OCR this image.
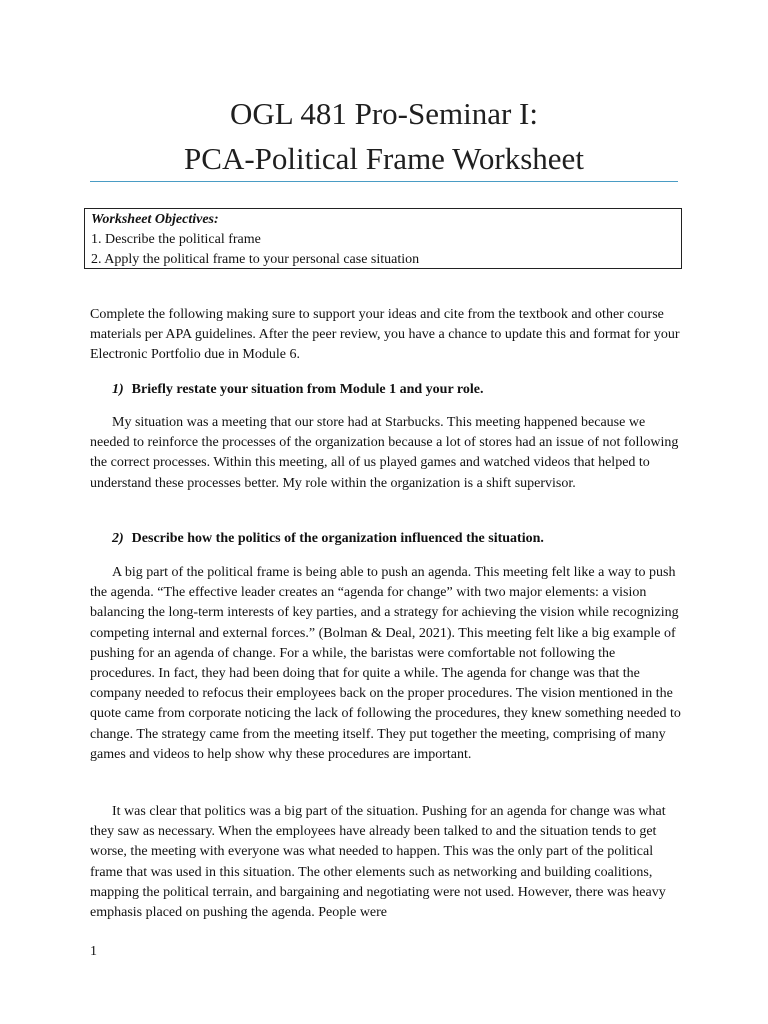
OGL 481 Pro-Seminar I:
PCA-Political Frame Worksheet
Worksheet Objectives:
1. Describe the political frame
2. Apply the political frame to your personal case situation

Complete the following making sure to support your ideas and cite from the textbook and other course materials per APA guidelines. After the peer review, you have a chance to update this and format for your Electronic Portfolio due in Module 6.

1) Briefly restate your situation from Module 1 and your role.

My situation was a meeting that our store had at Starbucks. This meeting happened because we needed to reinforce the processes of the organization because a lot of stores had an issue of not following the correct processes. Within this meeting, all of us played games and watched videos that helped to understand these processes better. My role within the organization is a shift supervisor.

2) Describe how the politics of the organization influenced the situation.

A big part of the political frame is being able to push an agenda. This meeting felt like a way to push the agenda. “The effective leader creates an “agenda for change” with two major elements: a vision balancing the long-term interests of key parties, and a strategy for achieving the vision while recognizing competing internal and external forces.” (Bolman & Deal, 2021). This meeting felt like a big example of pushing for an agenda of change. For a while, the baristas were comfortable not following the procedures. In fact, they had been doing that for quite a while. The agenda for change was that the company needed to refocus their employees back on the proper procedures. The vision mentioned in the quote came from corporate noticing the lack of following the procedures, they knew something needed to change. The strategy came from the meeting itself. They put together the meeting, comprising of many games and videos to help show why these procedures are important.

It was clear that politics was a big part of the situation. Pushing for an agenda for change was what they saw as necessary. When the employees have already been talked to and the situation tends to get worse, the meeting with everyone was what needed to happen. This was the only part of the political frame that was used in this situation. The other elements such as networking and building coalitions, mapping the political terrain, and bargaining and negotiating were not used. However, there was heavy emphasis placed on pushing the agenda. People were

1
